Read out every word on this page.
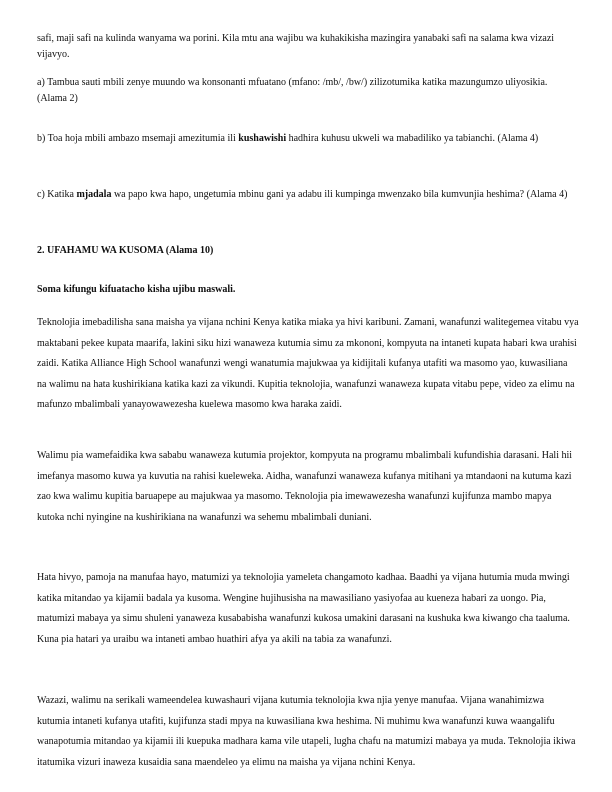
safi, maji safi na kulinda wanyama wa porini. Kila mtu ana wajibu wa kuhakikisha mazingira yanabaki safi na salama kwa vizazi vijavyo.

a) Tambua sauti mbili zenye muundo wa konsonanti mfuatano (mfano: /mb/, /bw/) zilizotumika katika mazungumzo uliyosikia. (Alama 2)

b) Toa hoja mbili ambazo msemaji amezitumia ili kushawishi hadhira kuhusu ukweli wa mabadiliko ya tabianchi. (Alama 4)

c) Katika mjadala wa papo kwa hapo, ungetumia mbinu gani ya adabu ili kumpinga mwenzako bila kumvunjia heshima? (Alama 4)

2. UFAHAMU WA KUSOMA (Alama 10)

Soma kifungu kifuatacho kisha ujibu maswali.

Teknolojia imebadilisha sana maisha ya vijana nchini Kenya katika miaka ya hivi karibuni. Zamani, wanafunzi walitegemea vitabu vya maktabani pekee kupata maarifa, lakini siku hizi wanaweza kutumia simu za mkononi, kompyuta na intaneti kupata habari kwa urahisi zaidi. Katika Alliance High School wanafunzi wengi wanatumia majukwaa ya kidijitali kufanya utafiti wa masomo yao, kuwasiliana na walimu na hata kushirikiana katika kazi za vikundi. Kupitia teknolojia, wanafunzi wanaweza kupata vitabu pepe, video za elimu na mafunzo mbalimbali yanayowawezesha kuelewa masomo kwa haraka zaidi.

Walimu pia wamefaidika kwa sababu wanaweza kutumia projektor, kompyuta na programu mbalimbali kufundishia darasani. Hali hii imefanya masomo kuwa ya kuvutia na rahisi kueleweka. Aidha, wanafunzi wanaweza kufanya mitihani ya mtandaoni na kutuma kazi zao kwa walimu kupitia baruapepe au majukwaa ya masomo. Teknolojia pia imewawezesha wanafunzi kujifunza mambo mapya kutoka nchi nyingine na kushirikiana na wanafunzi wa sehemu mbalimbali duniani.

Hata hivyo, pamoja na manufaa hayo, matumizi ya teknolojia yameleta changamoto kadhaa. Baadhi ya vijana hutumia muda mwingi katika mitandao ya kijamii badala ya kusoma. Wengine hujihusisha na mawasiliano yasiyofaa au kueneza habari za uongo. Pia, matumizi mabaya ya simu shuleni yanaweza kusababisha wanafunzi kukosa umakini darasani na kushuka kwa kiwango cha taaluma. Kuna pia hatari ya uraibu wa intaneti ambao huathiri afya ya akili na tabia za wanafunzi.

Wazazi, walimu na serikali wameendelea kuwashauri vijana kutumia teknolojia kwa njia yenye manufaa. Vijana wanahimizwa kutumia intaneti kufanya utafiti, kujifunza stadi mpya na kuwasiliana kwa heshima. Ni muhimu kwa wanafunzi kuwa waangalifu wanapotumia mitandao ya kijamii ili kuepuka madhara kama vile utapeli, lugha chafu na matumizi mabaya ya muda. Teknolojia ikiwa itatumika vizuri inaweza kusaidia sana maendeleo ya elimu na maisha ya vijana nchini Kenya.
